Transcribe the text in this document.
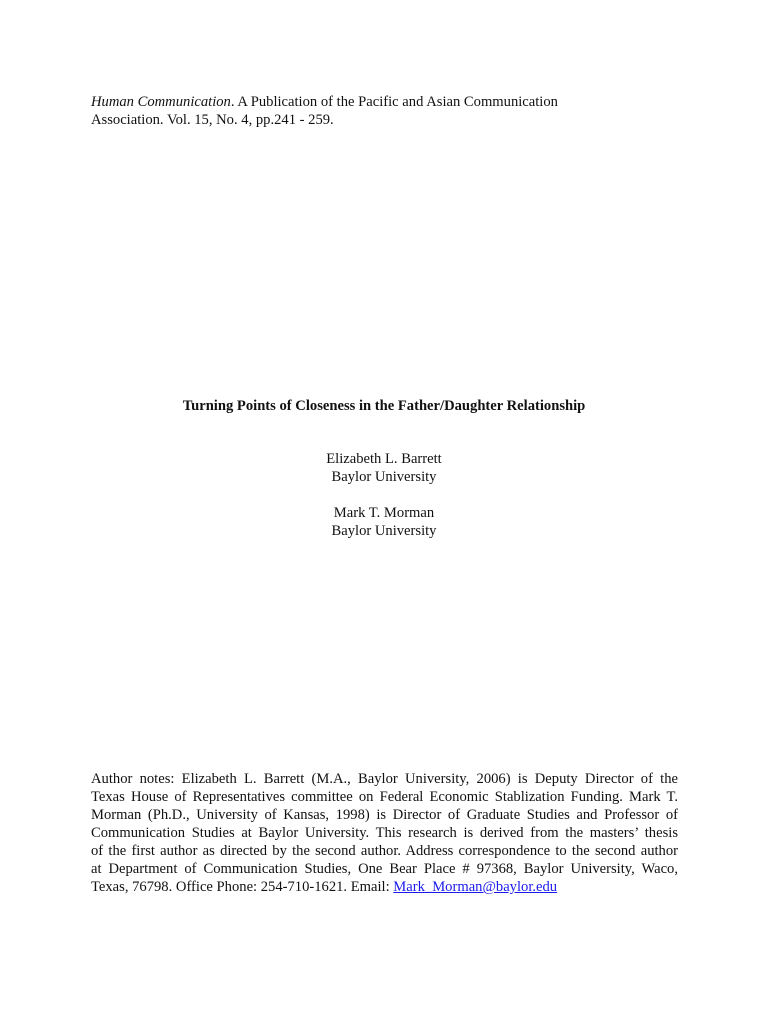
Human Communication. A Publication of the Pacific and Asian Communication
Association. Vol. 15, No. 4, pp.241 - 259.
Turning Points of Closeness in the Father/Daughter Relationship
Elizabeth L. Barrett
Baylor University
Mark T. Morman
Baylor University
Author notes: Elizabeth L. Barrett (M.A., Baylor University, 2006) is Deputy Director of the
Texas House of Representatives committee on Federal Economic Stablization Funding. Mark T.
Morman (Ph.D., University of Kansas, 1998) is Director of Graduate Studies and Professor of
Communication Studies at Baylor University. This research is derived from the masters’ thesis
of the first author as directed by the second author. Address correspondence to the second author
at Department of Communication Studies, One Bear Place # 97368, Baylor University, Waco,
Texas, 76798. Office Phone: 254-710-1621. Email: Mark_Morman@baylor.edu
